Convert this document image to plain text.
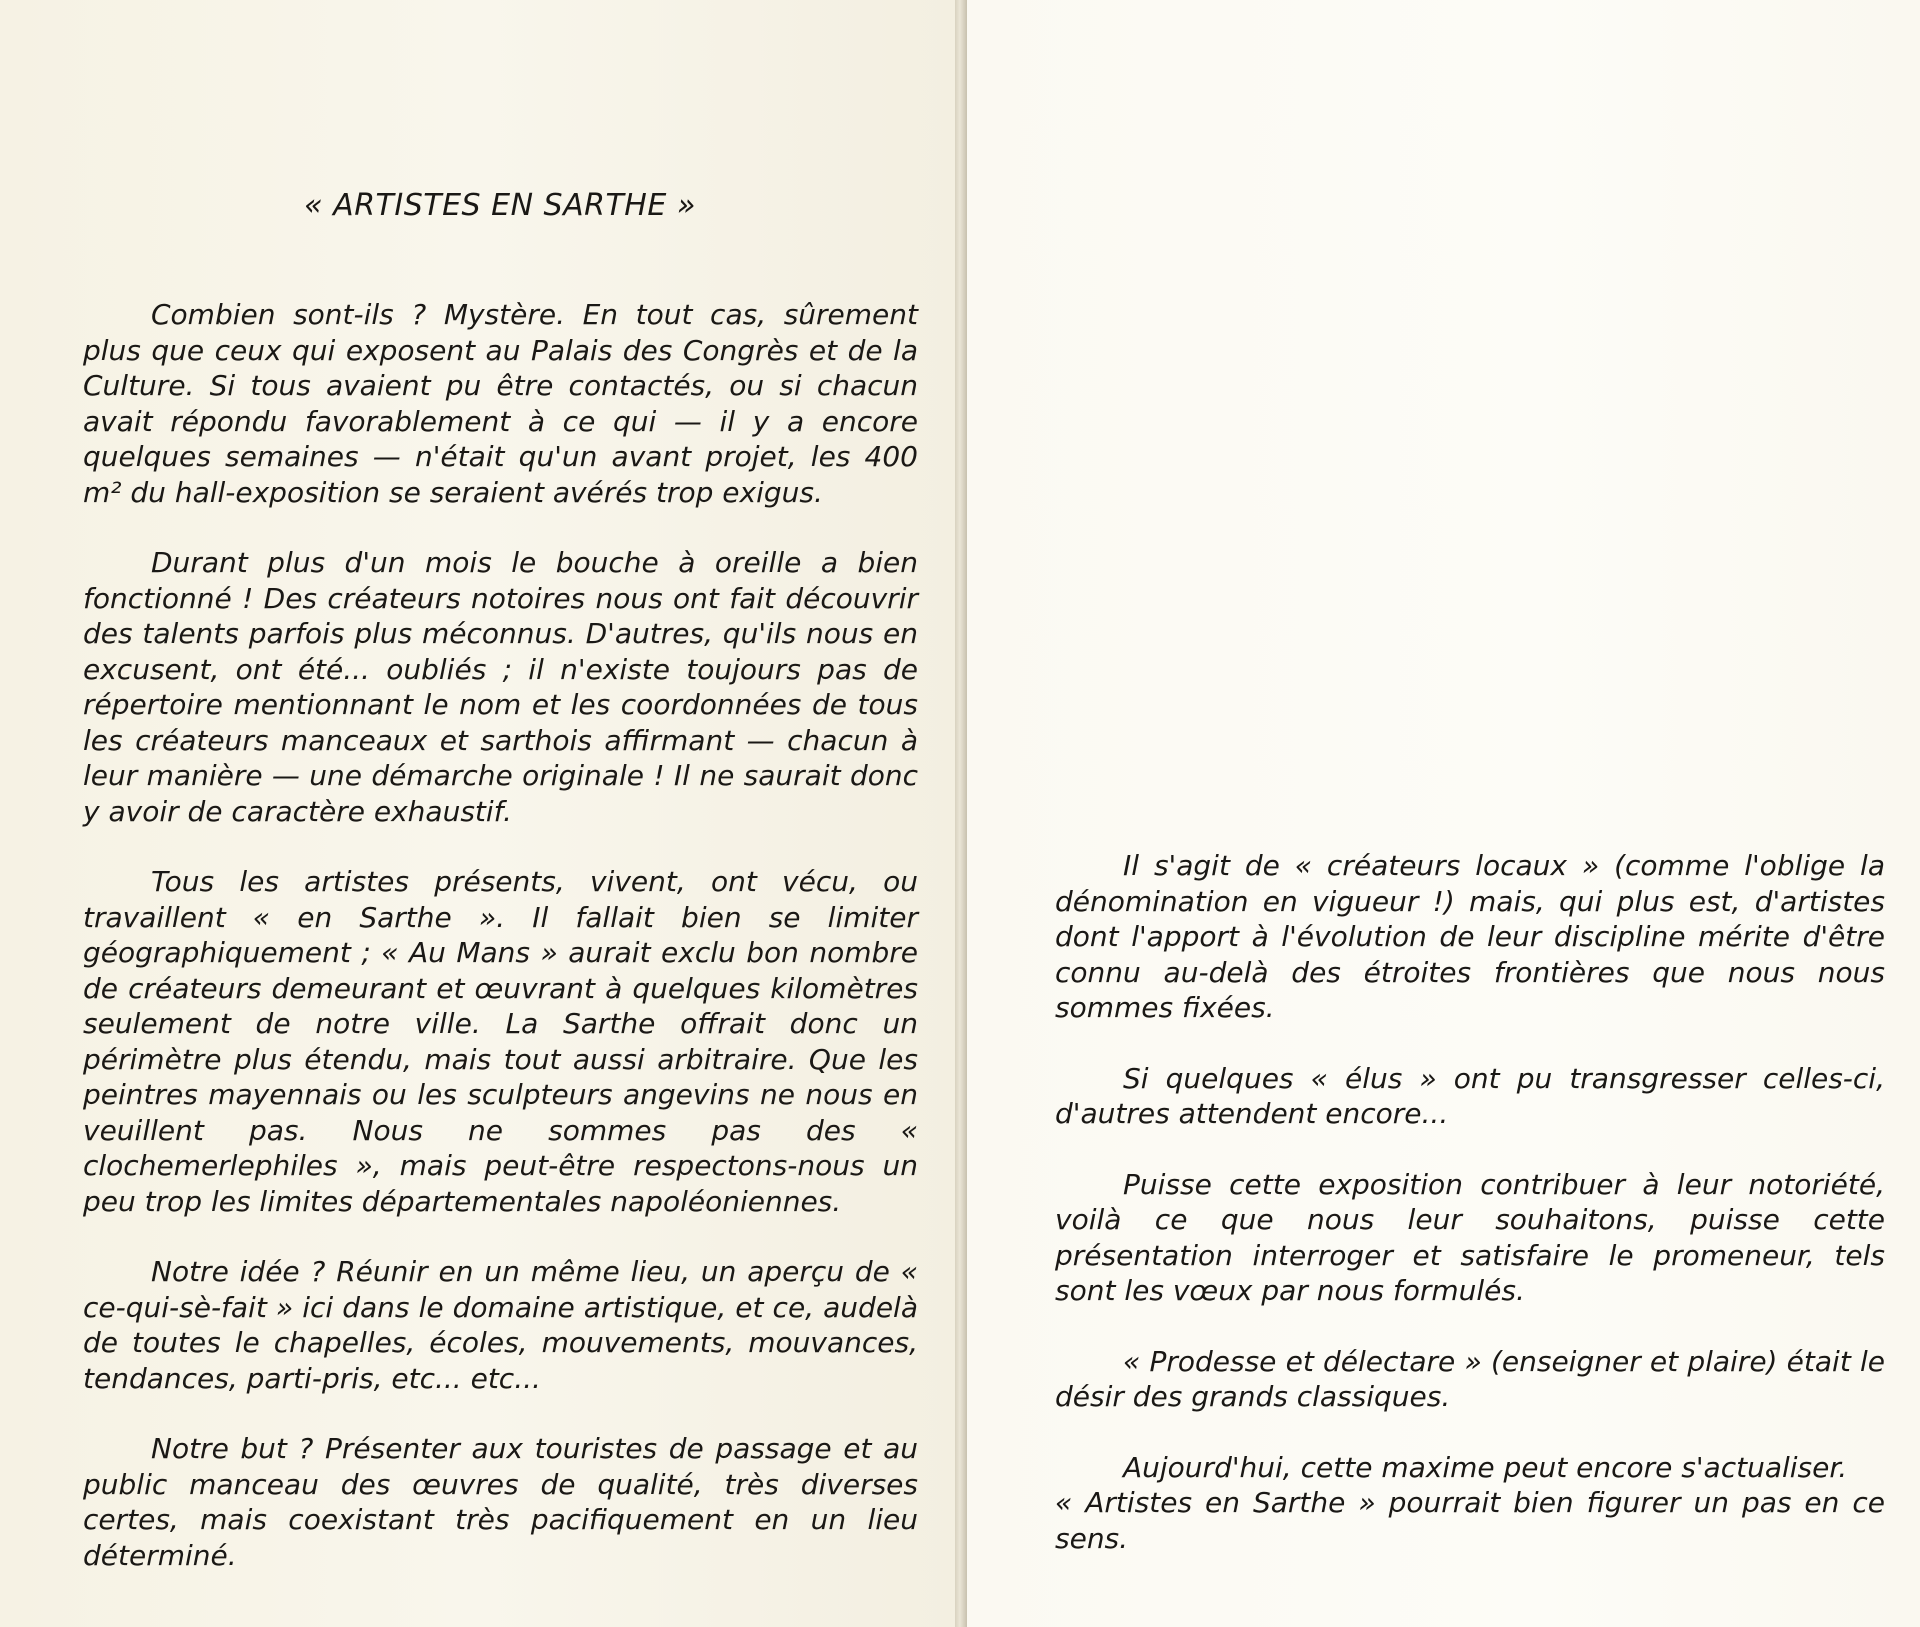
« ARTISTES EN SARTHE »

Combien sont-ils ? Mystère. En tout cas, sûrement plus que ceux qui exposent au Palais des Congrès et de la Culture. Si tous avaient pu être contactés, ou si chacun avait répondu favorablement à ce qui — il y a encore quelques semaines — n'était qu'un avant projet, les 400 m² du hall-exposition se seraient avérés trop exigus.

Durant plus d'un mois le bouche à oreille a bien fonctionné ! Des créateurs notoires nous ont fait découvrir des talents parfois plus méconnus. D'autres, qu'ils nous en excusent, ont été... oubliés ; il n'existe toujours pas de répertoire mentionnant le nom et les coordonnées de tous les créateurs manceaux et sarthois affirmant — chacun à leur manière — une démarche originale ! Il ne saurait donc y avoir de caractère exhaustif.

Tous les artistes présents, vivent, ont vécu, ou travaillent « en Sarthe ». Il fallait bien se limiter géographiquement ; « Au Mans » aurait exclu bon nombre de créateurs demeurant et œuvrant à quelques kilomètres seulement de notre ville. La Sarthe offrait donc un périmètre plus étendu, mais tout aussi arbitraire. Que les peintres mayennais ou les sculpteurs angevins ne nous en veuillent pas. Nous ne sommes pas des « clochemerlephiles », mais peut-être respectons-nous un peu trop les limites départementales napoléoniennes.

Notre idée ? Réunir en un même lieu, un aperçu de « ce-qui-sè-fait » ici dans le domaine artistique, et ce, audelà de toutes le chapelles, écoles, mouvements, mouvances, tendances, parti-pris, etc... etc...

Notre but ? Présenter aux touristes de passage et au public manceau des œuvres de qualité, très diverses certes, mais coexistant très pacifiquement en un lieu déterminé.

Il s'agit de « créateurs locaux » (comme l'oblige la dénomination en vigueur !) mais, qui plus est, d'artistes dont l'apport à l'évolution de leur discipline mérite d'être connu au-delà des étroites frontières que nous nous sommes fixées.

Si quelques « élus » ont pu transgresser celles-ci, d'autres attendent encore...

Puisse cette exposition contribuer à leur notoriété, voilà ce que nous leur souhaitons, puisse cette présentation interroger et satisfaire le promeneur, tels sont les vœux par nous formulés.

« Prodesse et délectare » (enseigner et plaire) était le désir des grands classiques.

Aujourd'hui, cette maxime peut encore s'actualiser.

« Artistes en Sarthe » pourrait bien figurer un pas en ce sens.
